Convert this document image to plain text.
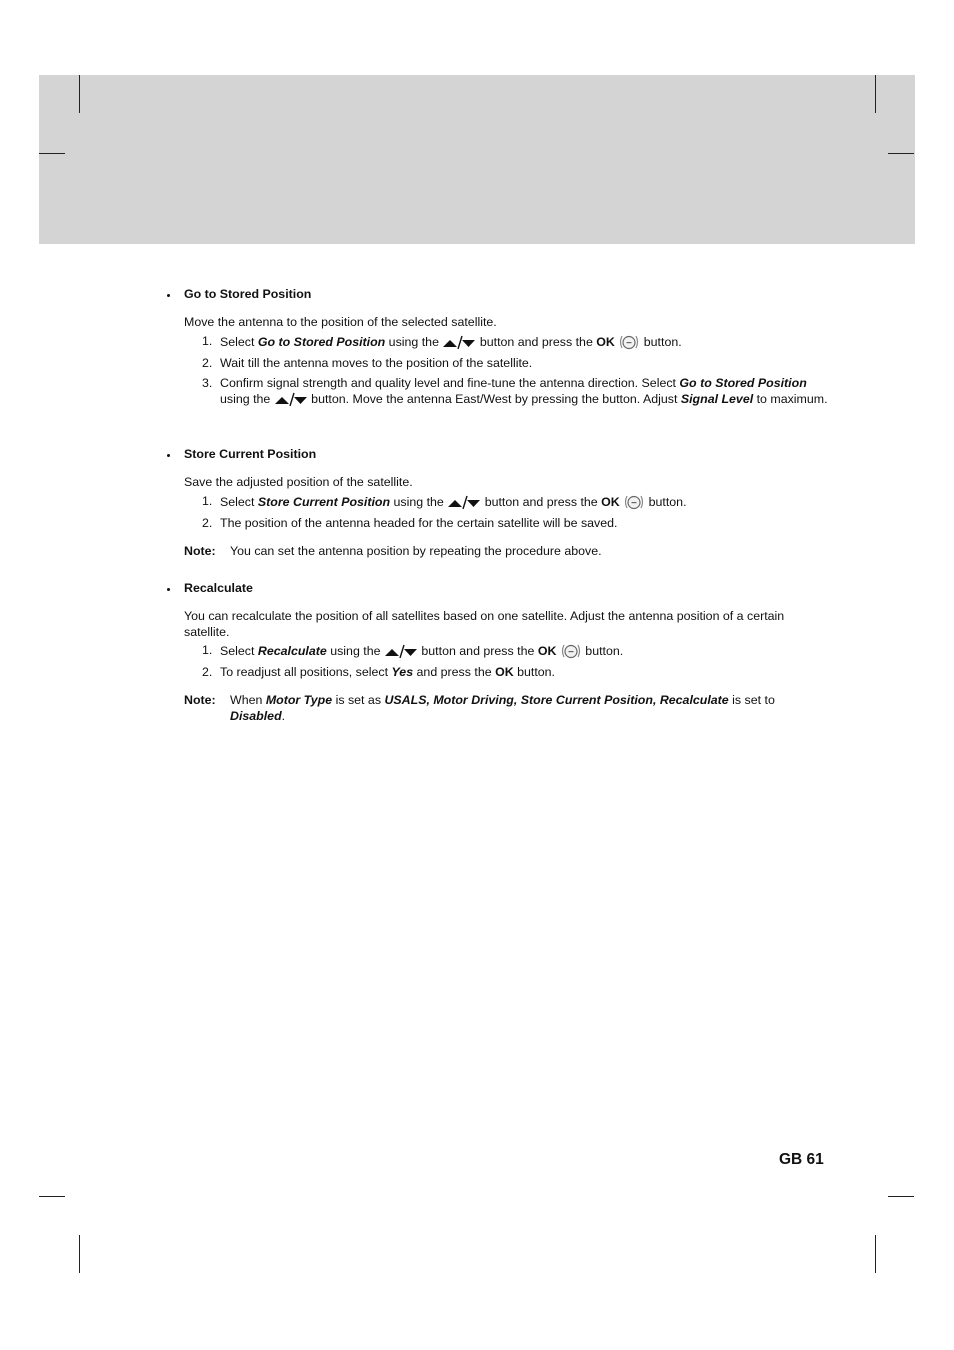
Go to Stored Position
Move the antenna to the position of the selected satellite.
1. Select Go to Stored Position using the	button and press the OK  button.
2. Wait till the antenna moves to the position of the satellite.
3. Confirm signal strength and quality level and fine-tune the antenna direction. Select Go to Stored Position using the	button. Move the antenna East/West by pressing the button. Adjust Signal Level to maximum.
Store Current Position
Save the adjusted position of the satellite.
1. Select Store Current Position using the	button and press the OK  button.
2. The position of the antenna headed for the certain satellite will be saved.
Note: You can set the antenna position by repeating the procedure above.
Recalculate
You can recalculate the position of all satellites based on one satellite. Adjust the antenna position of a certain satellite.
1. Select Recalculate using the	button and press the OK  button.
2. To readjust all positions, select Yes and press the OK button.
Note: When Motor Type is set as USALS, Motor Driving, Store Current Position, Recalculate is set to Disabled.
GB 61
